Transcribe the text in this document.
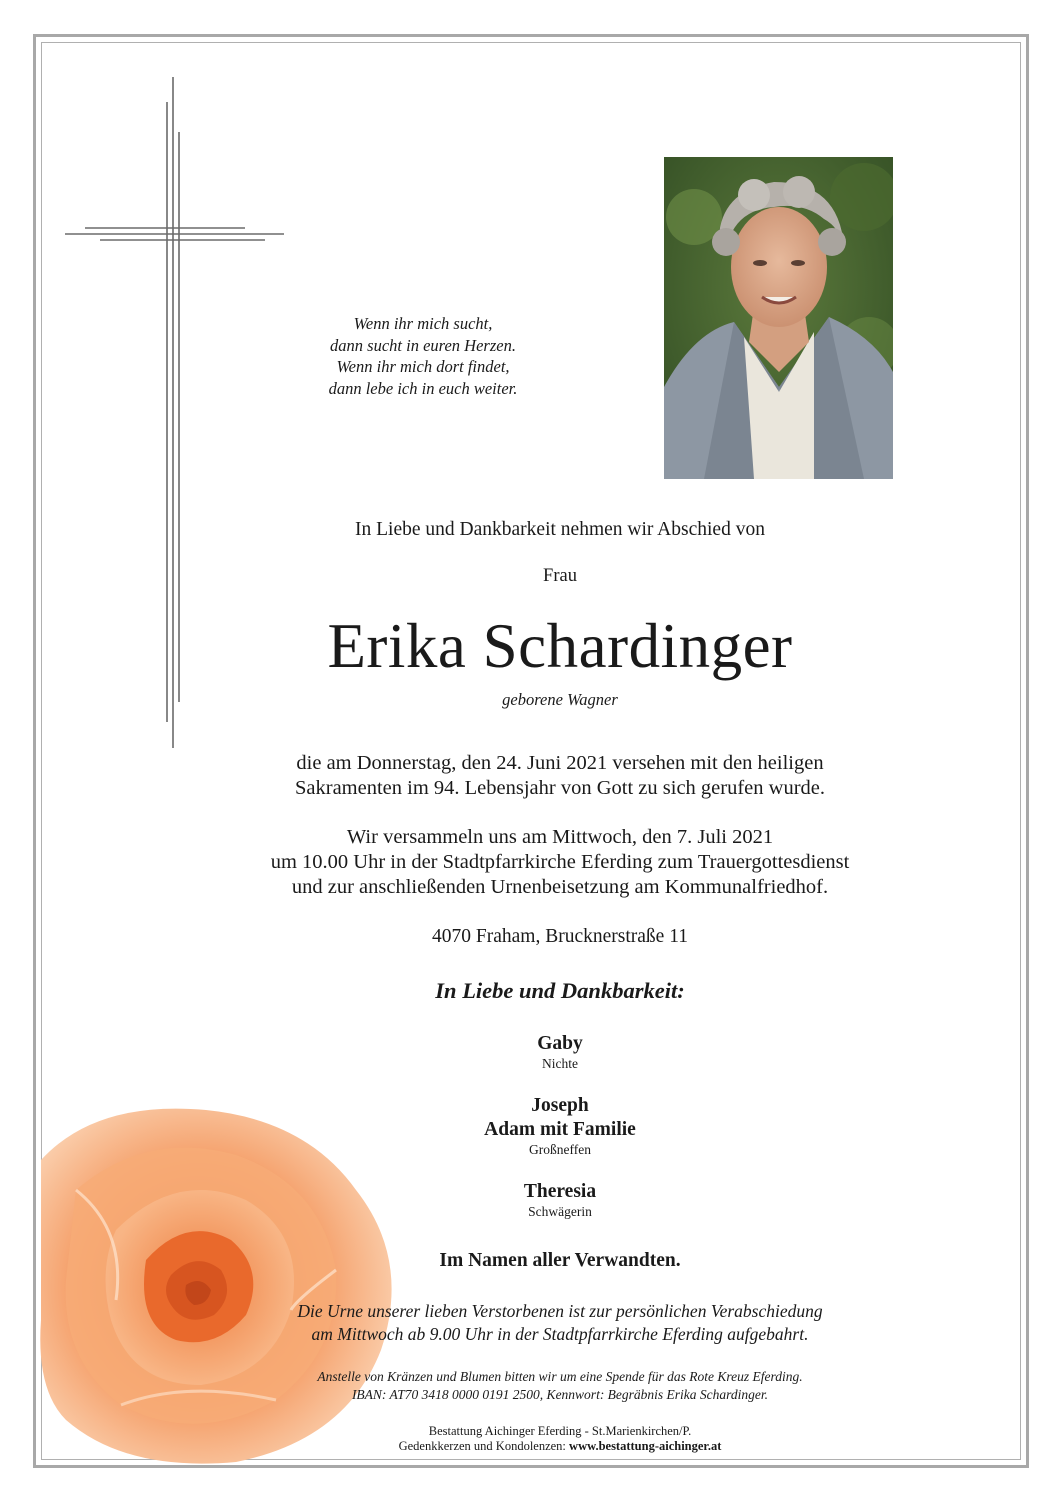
Wenn ihr mich sucht,
dann sucht in euren Herzen.
Wenn ihr mich dort findet,
dann lebe ich in euch weiter.
In Liebe und Dankbarkeit nehmen wir Abschied von
Frau
Erika Schardinger
geborene Wagner
die am Donnerstag, den 24. Juni 2021 versehen mit den heiligen
Sakramenten im 94. Lebensjahr von Gott zu sich gerufen wurde.
Wir versammeln uns am Mittwoch, den 7. Juli 2021
um 10.00 Uhr in der Stadtpfarrkirche Eferding zum Trauergottesdienst
und zur anschließenden Urnenbeisetzung am Kommunalfriedhof.
4070 Fraham, Brucknerstraße 11
In Liebe und Dankbarkeit:
Gaby
Nichte
Joseph
Adam mit Familie
Großneffen
Theresia
Schwägerin
Im Namen aller Verwandten.
Die Urne unserer lieben Verstorbenen ist zur persönlichen Verabschiedung
am Mittwoch ab 9.00 Uhr in der Stadtpfarrkirche Eferding aufgebahrt.
Anstelle von Kränzen und Blumen bitten wir um eine Spende für das Rote Kreuz Eferding.
IBAN: AT70 3418 0000 0191 2500, Kennwort: Begräbnis Erika Schardinger.
Bestattung Aichinger Eferding - St.Marienkirchen/P.
Gedenkkerzen und Kondolenzen: www.bestattung-aichinger.at
